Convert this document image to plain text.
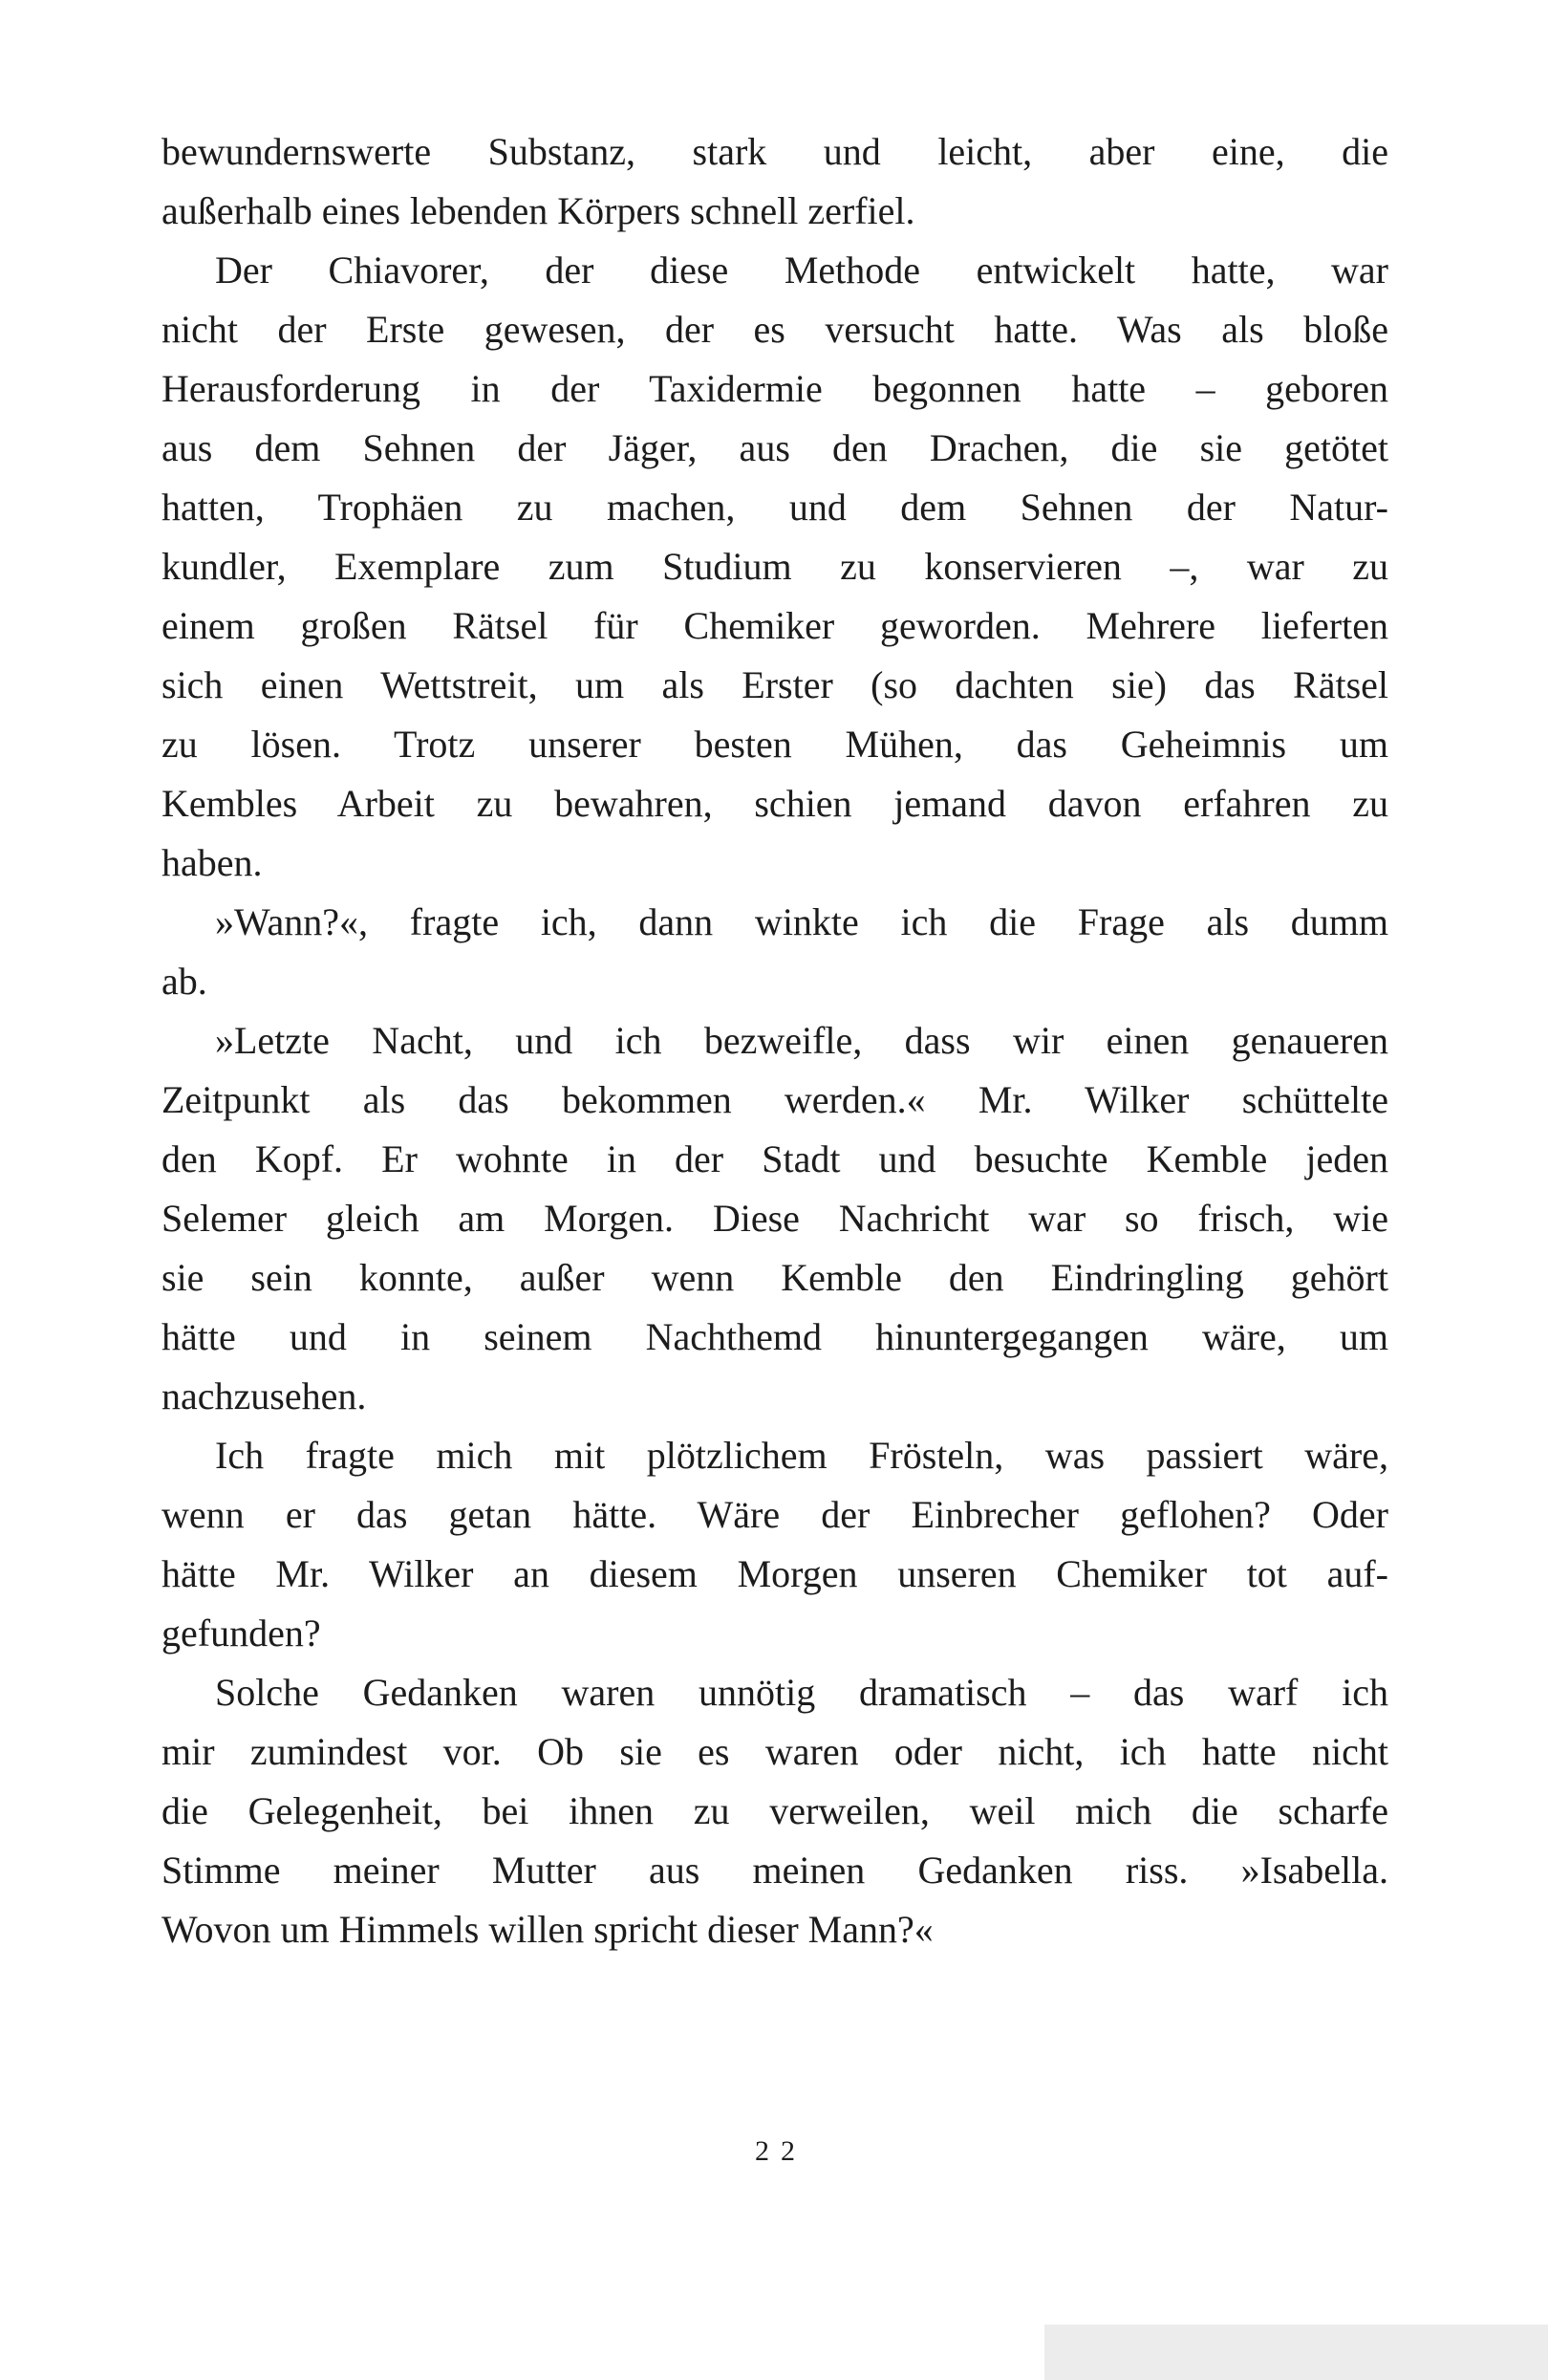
bewundernswerte Substanz, stark und leicht, aber eine, die
außerhalb eines lebenden Körpers schnell zerfiel.
Der Chiavorer, der diese Methode entwickelt hatte, war
nicht der Erste gewesen, der es versucht hatte. Was als bloße
Herausforderung in der Taxidermie begonnen hatte – geboren
aus dem Sehnen der Jäger, aus den Drachen, die sie getötet
hatten, Trophäen zu machen, und dem Sehnen der Natur-
kundler, Exemplare zum Studium zu konservieren –, war zu
einem großen Rätsel für Chemiker geworden. Mehrere lieferten
sich einen Wettstreit, um als Erster (so dachten sie) das Rätsel
zu lösen. Trotz unserer besten Mühen, das Geheimnis um
Kembles Arbeit zu bewahren, schien jemand davon erfahren zu
haben.
»Wann?«, fragte ich, dann winkte ich die Frage als dumm
ab.
»Letzte Nacht, und ich bezweifle, dass wir einen genaueren
Zeitpunkt als das bekommen werden.« Mr. Wilker schüttelte
den Kopf. Er wohnte in der Stadt und besuchte Kemble jeden
Selemer gleich am Morgen. Diese Nachricht war so frisch, wie
sie sein konnte, außer wenn Kemble den Eindringling gehört
hätte und in seinem Nachthemd hinuntergegangen wäre, um
nachzusehen.
Ich fragte mich mit plötzlichem Frösteln, was passiert wäre,
wenn er das getan hätte. Wäre der Einbrecher geflohen? Oder
hätte Mr. Wilker an diesem Morgen unseren Chemiker tot auf-
gefunden?
Solche Gedanken waren unnötig dramatisch – das warf ich
mir zumindest vor. Ob sie es waren oder nicht, ich hatte nicht
die Gelegenheit, bei ihnen zu verweilen, weil mich die scharfe
Stimme meiner Mutter aus meinen Gedanken riss. »Isabella.
Wovon um Himmels willen spricht dieser Mann?«
22
